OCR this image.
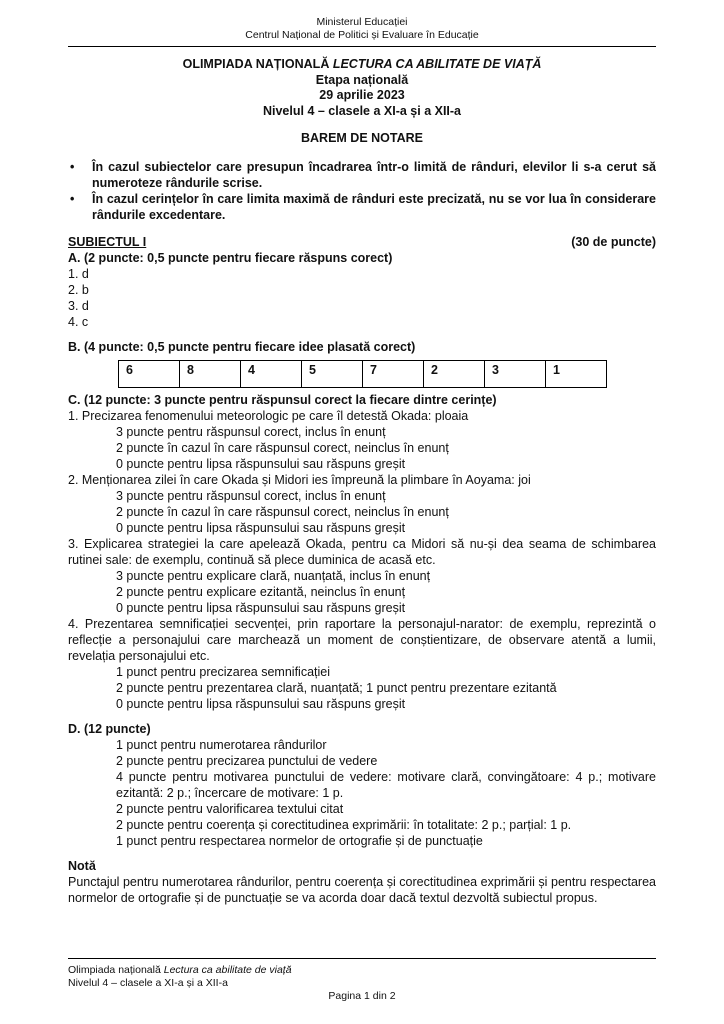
Ministerul Educației
Centrul Național de Politici și Evaluare în Educație
OLIMPIADA NAȚIONALĂ LECTURA CA ABILITATE DE VIAȚĂ
Etapa națională
29 aprilie 2023
Nivelul 4 – clasele a XI-a și a XII-a
BAREM DE NOTARE
• În cazul subiectelor care presupun încadrarea într-o limită de rânduri, elevilor li s-a cerut să numeroteze rândurile scrise.
• În cazul cerințelor în care limita maximă de rânduri este precizată, nu se vor lua în considerare rândurile excedentare.
SUBIECTUL I	(30 de puncte)
A. (2 puncte: 0,5 puncte pentru fiecare răspuns corect)
1. d
2. b
3. d
4. c
B. (4 puncte: 0,5 puncte pentru fiecare idee plasată corect)
6	8	4	5	7	2	3	1
C. (12 puncte: 3 puncte pentru răspunsul corect la fiecare dintre cerințe)
1. Precizarea fenomenului meteorologic pe care îl detestă Okada: ploaia
3 puncte pentru răspunsul corect, inclus în enunț
2 puncte în cazul în care răspunsul corect, neinclus în enunț
0 puncte pentru lipsa răspunsului sau răspuns greșit
2. Menționarea zilei în care Okada și Midori ies împreună la plimbare în Aoyama: joi
3 puncte pentru răspunsul corect, inclus în enunț
2 puncte în cazul în care răspunsul corect, neinclus în enunț
0 puncte pentru lipsa răspunsului sau răspuns greșit
3. Explicarea strategiei la care apelează Okada, pentru ca Midori să nu-și dea seama de schimbarea rutinei sale: de exemplu, continuă să plece duminica de acasă etc.
3 puncte pentru explicare clară, nuanțată, inclus în enunț
2 puncte pentru explicare ezitantă, neinclus în enunț
0 puncte pentru lipsa răspunsului sau răspuns greșit
4. Prezentarea semnificației secvenței, prin raportare la personajul-narator: de exemplu, reprezintă o reflecție a personajului care marchează un moment de conștientizare, de observare atentă a lumii, revelația personajului etc.
1 punct pentru precizarea semnificației
2 puncte pentru prezentarea clară, nuanțată; 1 punct pentru prezentare ezitantă
0 puncte pentru lipsa răspunsului sau răspuns greșit
D. (12 puncte)
1 punct pentru numerotarea rândurilor
2 puncte pentru precizarea punctului de vedere
4 puncte pentru motivarea punctului de vedere: motivare clară, convingătoare: 4 p.; motivare ezitantă: 2 p.; încercare de motivare: 1 p.
2 puncte pentru valorificarea textului citat
2 puncte pentru coerența și corectitudinea exprimării: în totalitate: 2 p.; parțial: 1 p.
1 punct pentru respectarea normelor de ortografie și de punctuație
Notă
Punctajul pentru numerotarea rândurilor, pentru coerența și corectitudinea exprimării și pentru respectarea normelor de ortografie și de punctuație se va acorda doar dacă textul dezvoltă subiectul propus.
Olimpiada națională Lectura ca abilitate de viață
Nivelul 4 – clasele a XI-a și a XII-a
Pagina 1 din 2
